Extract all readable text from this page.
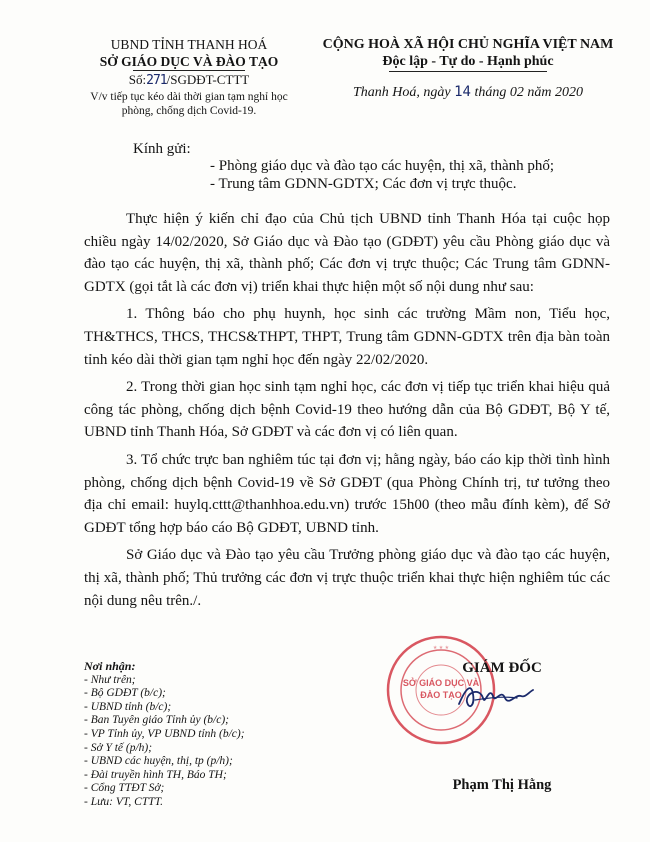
UBND TỈNH THANH HOÁ
SỞ GIÁO DỤC VÀ ĐÀO TẠO
Số:271/SGDĐT-CTTT
V/v tiếp tục kéo dài thời gian tạm nghỉ học phòng, chống dịch Covid-19.
CỘNG HOÀ XÃ HỘI CHỦ NGHĨA VIỆT NAM
Độc lập - Tự do - Hạnh phúc
Thanh Hoá, ngày 14 tháng 02 năm 2020
Kính gửi:
- Phòng giáo dục và đào tạo các huyện, thị xã, thành phố;
- Trung tâm GDNN-GDTX; Các đơn vị trực thuộc.

Thực hiện ý kiến chỉ đạo của Chủ tịch UBND tỉnh Thanh Hóa tại cuộc họp chiều ngày 14/02/2020, Sở Giáo dục và Đào tạo (GDĐT) yêu cầu Phòng giáo dục và đào tạo các huyện, thị xã, thành phố; Các đơn vị trực thuộc; Các Trung tâm GDNN-GDTX (gọi tắt là các đơn vị) triển khai thực hiện một số nội dung như sau:

1. Thông báo cho phụ huynh, học sinh các trường Mầm non, Tiểu học, TH&THCS, THCS, THCS&THPT, THPT, Trung tâm GDNN-GDTX trên địa bàn toàn tỉnh kéo dài thời gian tạm nghỉ học đến ngày 22/02/2020.

2. Trong thời gian học sinh tạm nghỉ học, các đơn vị tiếp tục triển khai hiệu quả công tác phòng, chống dịch bệnh Covid-19 theo hướng dẫn của Bộ GDĐT, Bộ Y tế, UBND tỉnh Thanh Hóa, Sở GDĐT và các đơn vị có liên quan.

3. Tổ chức trực ban nghiêm túc tại đơn vị; hằng ngày, báo cáo kịp thời tình hình phòng, chống dịch bệnh Covid-19 về Sở GDĐT (qua Phòng Chính trị, tư tưởng theo địa chỉ email: huylq.cttt@thanhhoa.edu.vn) trước 15h00 (theo mẫu đính kèm), để Sở GDĐT tổng hợp báo cáo Bộ GDĐT, UBND tỉnh.

Sở Giáo dục và Đào tạo yêu cầu Trưởng phòng giáo dục và đào tạo các huyện, thị xã, thành phố; Thủ trưởng các đơn vị trực thuộc triển khai thực hiện nghiêm túc các nội dung nêu trên./.

Nơi nhận:
- Như trên;
- Bộ GDĐT (b/c);
- UBND tỉnh (b/c);
- Ban Tuyên giáo Tỉnh ủy (b/c);
- VP Tỉnh ủy, VP UBND tỉnh (b/c);
- Sở Y tế (p/h);
- UBND các huyện, thị, tp (p/h);
- Đài truyền hình TH, Báo TH;
- Cổng TTĐT Sở;
- Lưu: VT, CTTT.
SỞ GIÁO DỤC VÀ
ĐÀO TẠO
★ ★ ★
GIÁM ĐỐC
Phạm Thị Hằng
